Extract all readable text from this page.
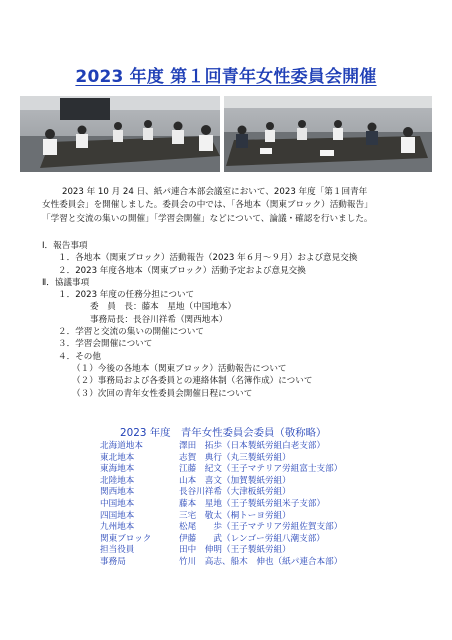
2023 年度 第１回青年女性委員会開催

2023 年 10 月 24 日、紙パ連合本部会議室において、2023 年度「第１回青年

女性委員会」を開催しました。委員会の中では、「各地本（関東ブロック）活動報告」

「学習と交流の集いの開催」「学習会開催」などについて、論議・確認を行いました。

Ⅰ．報告事項
１．各地本（関東ブロック）活動報告（2023 年６月～９月）および意見交換
２．2023 年度各地本（関東ブロック）活動予定および意見交換
Ⅱ．協議事項
１．2023 年度の任務分担について
委　員　長：藤本　星地（中国地本）
事務局長：長谷川祥希（関西地本）
２．学習と交流の集いの開催について
３．学習会開催について
４．その他
（１）今後の各地本（関東ブロック）活動報告について
（２）事務局および各委員との連絡体制（名簿作成）について
（３）次回の青年女性委員会開催日程について
2023 年度　青年女性委員会委員（敬称略）
北海道地本	澤田　拓歩（日本製紙労組白老支部）
東北地本	志賀　典行（丸三製紙労組）
東海地本	江藤　紀文（王子マテリア労組富士支部）
北陸地本	山本　喜文（加賀製紙労組）
関西地本	長谷川祥希（大津板紙労組）
中国地本	藤本　星地（王子製紙労組米子支部）
四国地本	三宅　敬太（桐トーヨ労組）
九州地本	松尾　　歩（王子マテリア労組佐賀支部）
関東ブロック	伊藤　　武（レンゴー労組八潮支部）
担当役員	田中　伸明（王子製紙労組）
事務局	竹川　高志、船木　伸也（紙パ連合本部）
